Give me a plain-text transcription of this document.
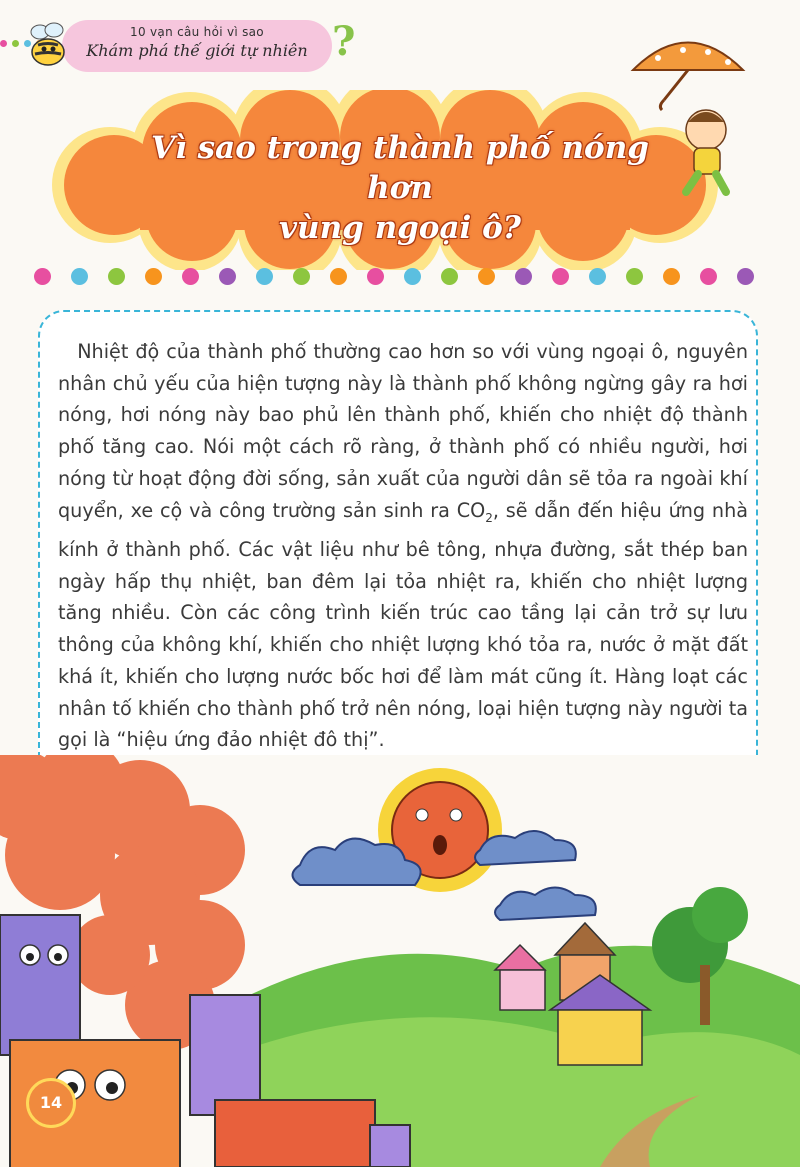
10 vạn câu hỏi vì sao
Khám phá thế giới tự nhiên ?
Vì sao trong thành phố nóng hơn
vùng ngoại ô?
 Nhiệt độ của thành phố thường cao hơn so với vùng ngoại ô, nguyên nhân chủ yếu của hiện tượng này là thành phố không ngừng gây ra hơi nóng, hơi nóng này bao phủ lên thành phố, khiến cho nhiệt độ thành phố tăng cao. Nói một cách rõ ràng, ở thành phố có nhiều người, hơi nóng từ hoạt động đời sống, sản xuất của người dân sẽ tỏa ra ngoài khí quyển, xe cộ và công trường sản sinh ra $CO_2$, sẽ dẫn đến hiệu ứng nhà kính ở thành phố. Các vật liệu như bê tông, nhựa đường, sắt thép ban ngày hấp thụ nhiệt, ban đêm lại tỏa nhiệt ra, khiến cho nhiệt lượng tăng nhiều. Còn các công trình kiến trúc cao tầng lại cản trở sự lưu thông của không khí, khiến cho nhiệt lượng khó tỏa ra, nước ở mặt đất khá ít, khiến cho lượng nước bốc hơi để làm mát cũng ít. Hàng loạt các nhân tố khiến cho thành phố trở nên nóng, loại hiện tượng này người ta gọi là “hiệu ứng đảo nhiệt đô thị”.
14
